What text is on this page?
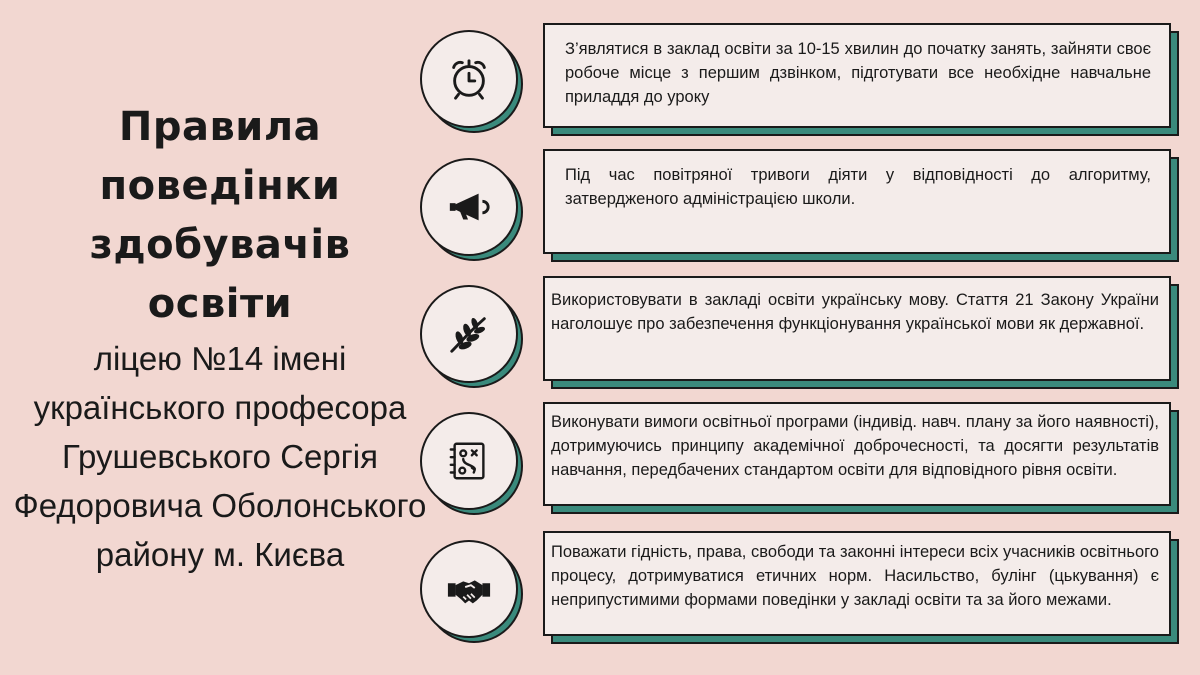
Правила

поведінки

здобувачів

освіти

ліцею №14 імені

українського професора

Грушевського Сергія

Федоровича Оболонського

району м. Києва

З’являтися в заклад освіти за 10-15 хвилин до початку занять, зайняти своє робоче місце з першим дзвінком, підготувати все необхідне навчальне приладдя до уроку
Під час повітряної тривоги діяти у відповідності до алгоритму, затвердженого адміністрацією школи.
Використовувати в закладі освіти українську мову. Стаття 21 Закону України наголошує про забезпечення функціонування української мови як державної.
Виконувати вимоги освітньої програми (індивід. навч. плану за його наявності), дотримуючись принципу академічної доброчесності, та досягти результатів навчання, передбачених стандартом освіти для відповідного рівня освіти.
Поважати гідність, права, свободи та законні інтереси всіх учасників освітнього процесу, дотримуватися етичних норм. Насильство, булінг (цькування) є неприпустимими формами поведінки у закладі освіти та за його межами.
